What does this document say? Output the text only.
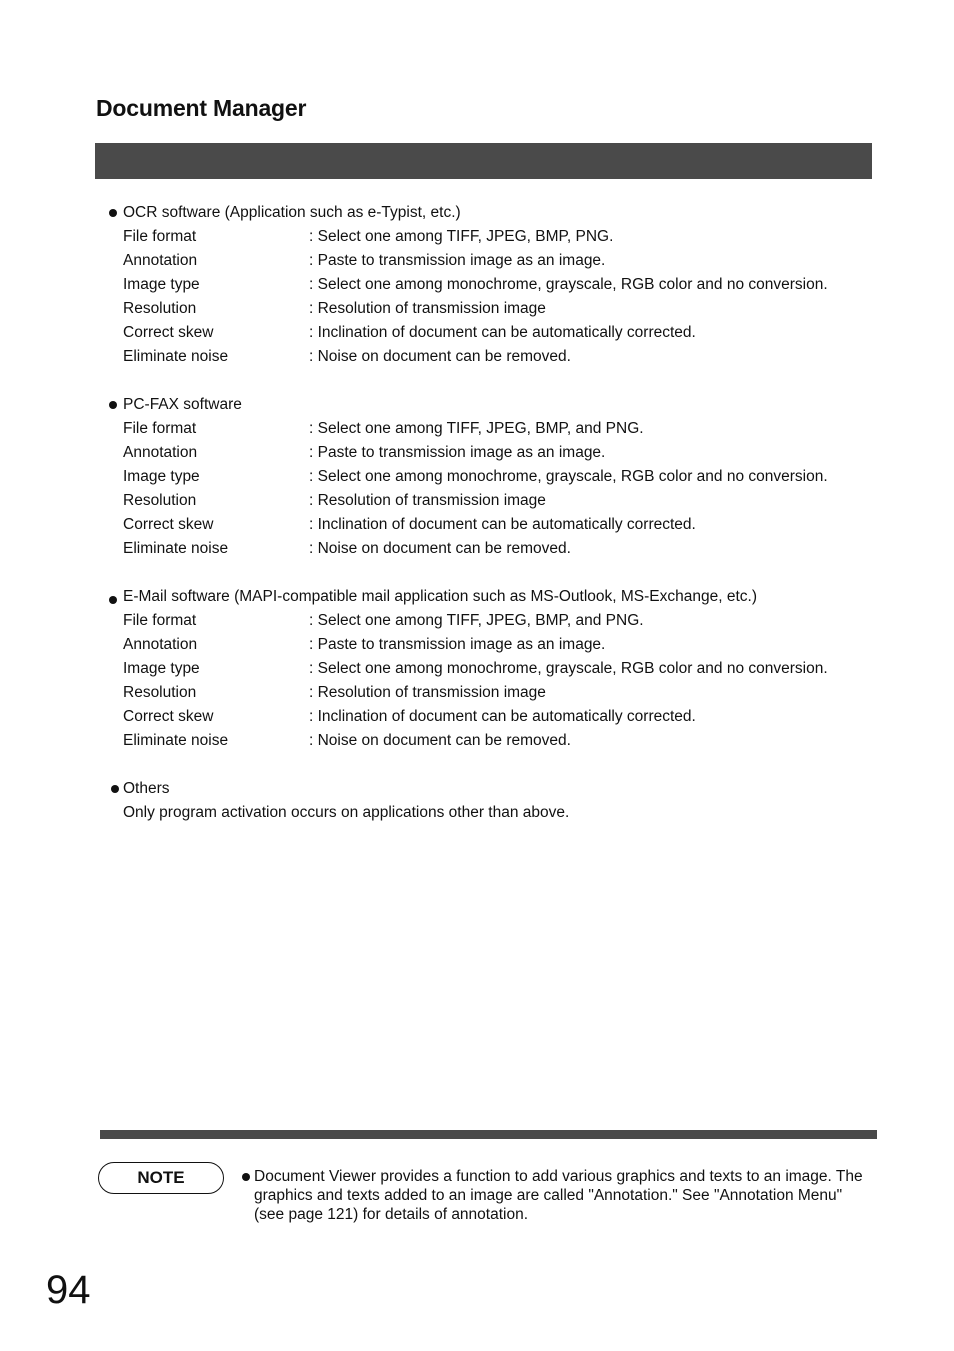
Document Manager
OCR software (Application such as e-Typist, etc.)
File format	: Select one among TIFF, JPEG, BMP, PNG.
Annotation	: Paste to transmission image as an image.
Image type	: Select one among monochrome, grayscale, RGB color and no conversion.
Resolution	: Resolution of transmission image
Correct skew	: Inclination of document can be automatically corrected.
Eliminate noise	: Noise on document can be removed.
PC-FAX software
File format	: Select one among TIFF, JPEG, BMP, and PNG.
Annotation	: Paste to transmission image as an image.
Image type	: Select one among monochrome, grayscale, RGB color and no conversion.
Resolution	: Resolution of transmission image
Correct skew	: Inclination of document can be automatically corrected.
Eliminate noise	: Noise on document can be removed.
E-Mail software (MAPI-compatible mail application such as MS-Outlook, MS-Exchange, etc.)
File format	: Select one among TIFF, JPEG, BMP, and PNG.
Annotation	: Paste to transmission image as an image.
Image type	: Select one among monochrome, grayscale, RGB color and no conversion.
Resolution	: Resolution of transmission image
Correct skew	: Inclination of document can be automatically corrected.
Eliminate noise	: Noise on document can be removed.
Others
Only program activation occurs on applications other than above.
NOTE	Document Viewer provides a function to add various graphics and texts to an image. The graphics and texts added to an image are called "Annotation." See "Annotation Menu" (see page 121) for details of annotation.
94
